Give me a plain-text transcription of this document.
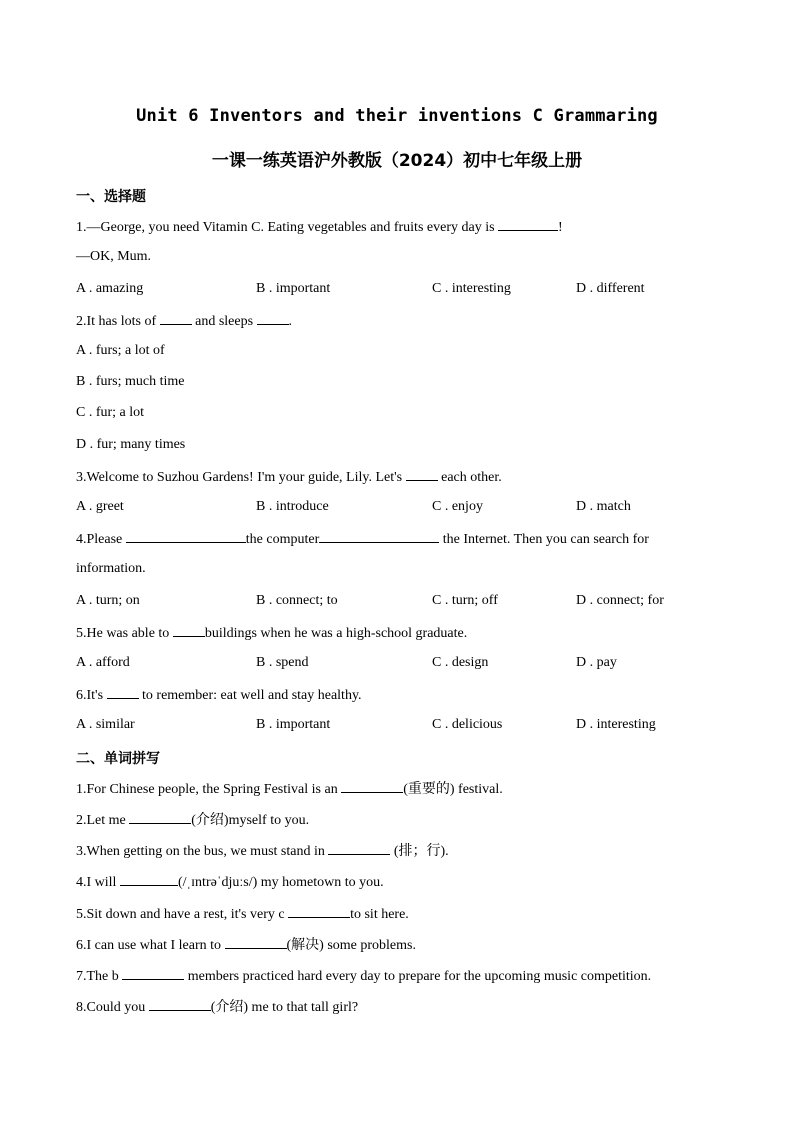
Unit 6 Inventors and their inventions C Grammaring
一课一练英语沪外教版（2024）初中七年级上册
一、选择题
1.—George, you need Vitamin C. Eating vegetables and fruits every day is	!
—OK, Mum.
A . amazing	B . important	C . interesting	D . different
2.It has lots of  and sleeps .
A . furs; a lot of
B . furs; much time
C . fur; a lot
D . fur; many times
3.Welcome to Suzhou Gardens! I'm your guide, Lily. Let's  each other.
A . greet	B . introduce	C . enjoy	D . match
4.Please	the computer	the Internet. Then you can search for
information.
A . turn; on	B . connect; to	C . turn; off	D . connect; for
5.He was able to buildings when he was a high-school graduate.
A . afford	B . spend	C . design	D . pay
6.It's  to remember: eat well and stay healthy.
A . similar	B . important	C . delicious	D . interesting
二、单词拼写
1.For Chinese people, the Spring Festival is an	(重要的) festival.
2.Let me	(介绍)myself to you.
3.When getting on the bus, we must stand in	(排；行).
4.I will	(/ˌɪntrəˈdjuːs/) my hometown to you.
5.Sit down and have a rest, it's very c	to sit here.
6.I can use what I learn to	(解决) some problems.
7.The b	members practiced hard every day to prepare for the upcoming music competition.
8.Could you	(介绍) me to that tall girl?
